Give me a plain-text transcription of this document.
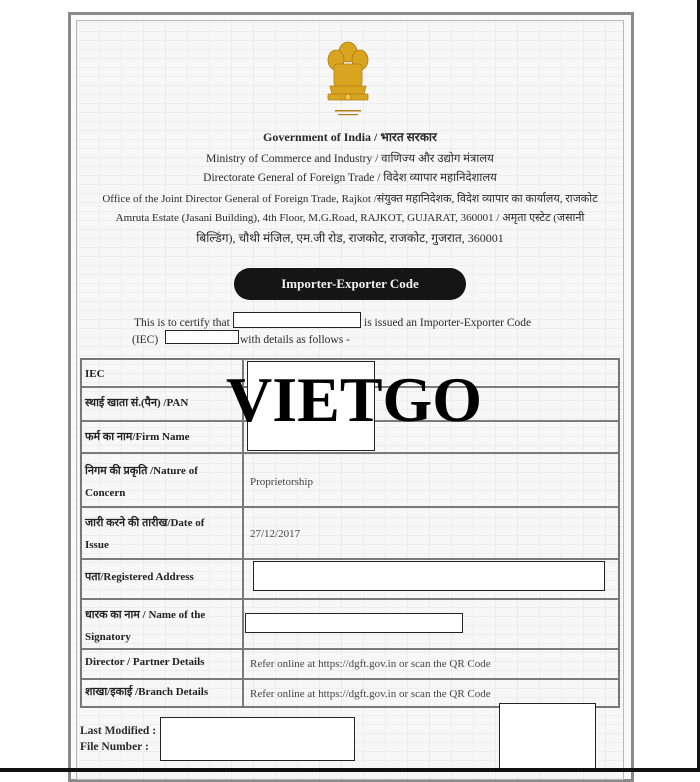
Government of India / भारत सरकार
Ministry of Commerce and Industry / वाणिज्य और उद्योग मंत्रालय
Directorate General of Foreign Trade / विदेश व्यापार महानिदेशालय
Office of the Joint Director General of Foreign Trade, Rajkot /संयुक्त महानिदेशक, विदेश व्यापार का कार्यालय, राजकोट
Amruta Estate (Jasani Building), 4th Floor, M.G.Road, RAJKOT, GUJARAT, 360001 / अमृता एस्टेट (जसानी
बिल्डिंग), चौथी मंजिल, एम.जी रोड, राजकोट, राजकोट, गुजरात, 360001
Importer-Exporter Code
This is to certify that	is issued an Importer-Exporter Code
(IEC)	with details as follows -
IEC
स्थाई खाता सं.(पैन) /PAN
फर्म का नाम/Firm Name
निगम की प्रकृति /Nature of Concern
जारी करने की तारीख/Date of Issue
पता/Registered Address
धारक का नाम / Name of the Signatory
Director / Partner Details
शाखा/इकाई /Branch Details
Proprietorship
27/12/2017
Refer online at https://dgft.gov.in or scan the QR Code
Refer online at https://dgft.gov.in or scan the QR Code
VIETGO
Last Modified :
File Number :
